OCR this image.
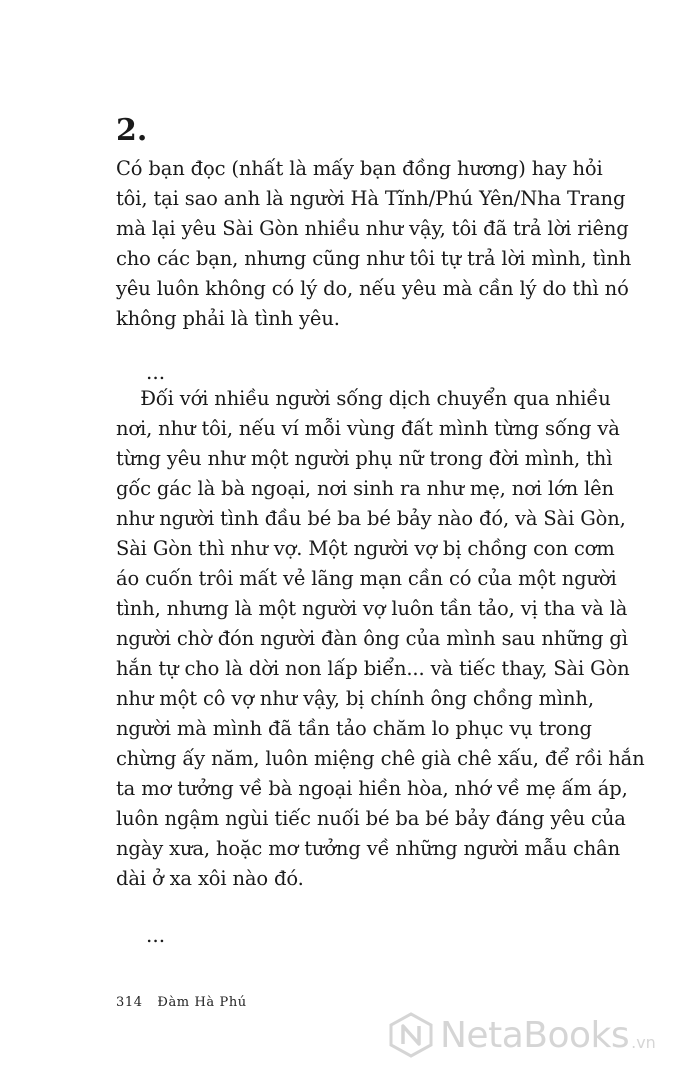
2.
Có bạn đọc (nhất là mấy bạn đồng hương) hay hỏi
tôi, tại sao anh là người Hà Tĩnh/Phú Yên/Nha Trang
mà lại yêu Sài Gòn nhiều như vậy, tôi đã trả lời riêng
cho các bạn, nhưng cũng như tôi tự trả lời mình, tình
yêu luôn không có lý do, nếu yêu mà cần lý do thì nó
không phải là tình yêu.
...
Đối với nhiều người sống dịch chuyển qua nhiều
nơi, như tôi, nếu ví mỗi vùng đất mình từng sống và
từng yêu như một người phụ nữ trong đời mình, thì
gốc gác là bà ngoại, nơi sinh ra như mẹ, nơi lớn lên
như người tình đầu bé ba bé bảy nào đó, và Sài Gòn,
Sài Gòn thì như vợ. Một người vợ bị chồng con cơm
áo cuốn trôi mất vẻ lãng mạn cần có của một người
tình, nhưng là một người vợ luôn tần tảo, vị tha và là
người chờ đón người đàn ông của mình sau những gì
hắn tự cho là dời non lấp biển... và tiếc thay, Sài Gòn
như một cô vợ như vậy, bị chính ông chồng mình,
người mà mình đã tần tảo chăm lo phục vụ trong
chừng ấy năm, luôn miệng chê già chê xấu, để rồi hắn
ta mơ tưởng về bà ngoại hiền hòa, nhớ về mẹ ấm áp,
luôn ngậm ngùi tiếc nuối bé ba bé bảy đáng yêu của
ngày xưa, hoặc mơ tưởng về những người mẫu chân
dài ở xa xôi nào đó.
...
314 Đàm Hà Phú
NetaBooks .vn
